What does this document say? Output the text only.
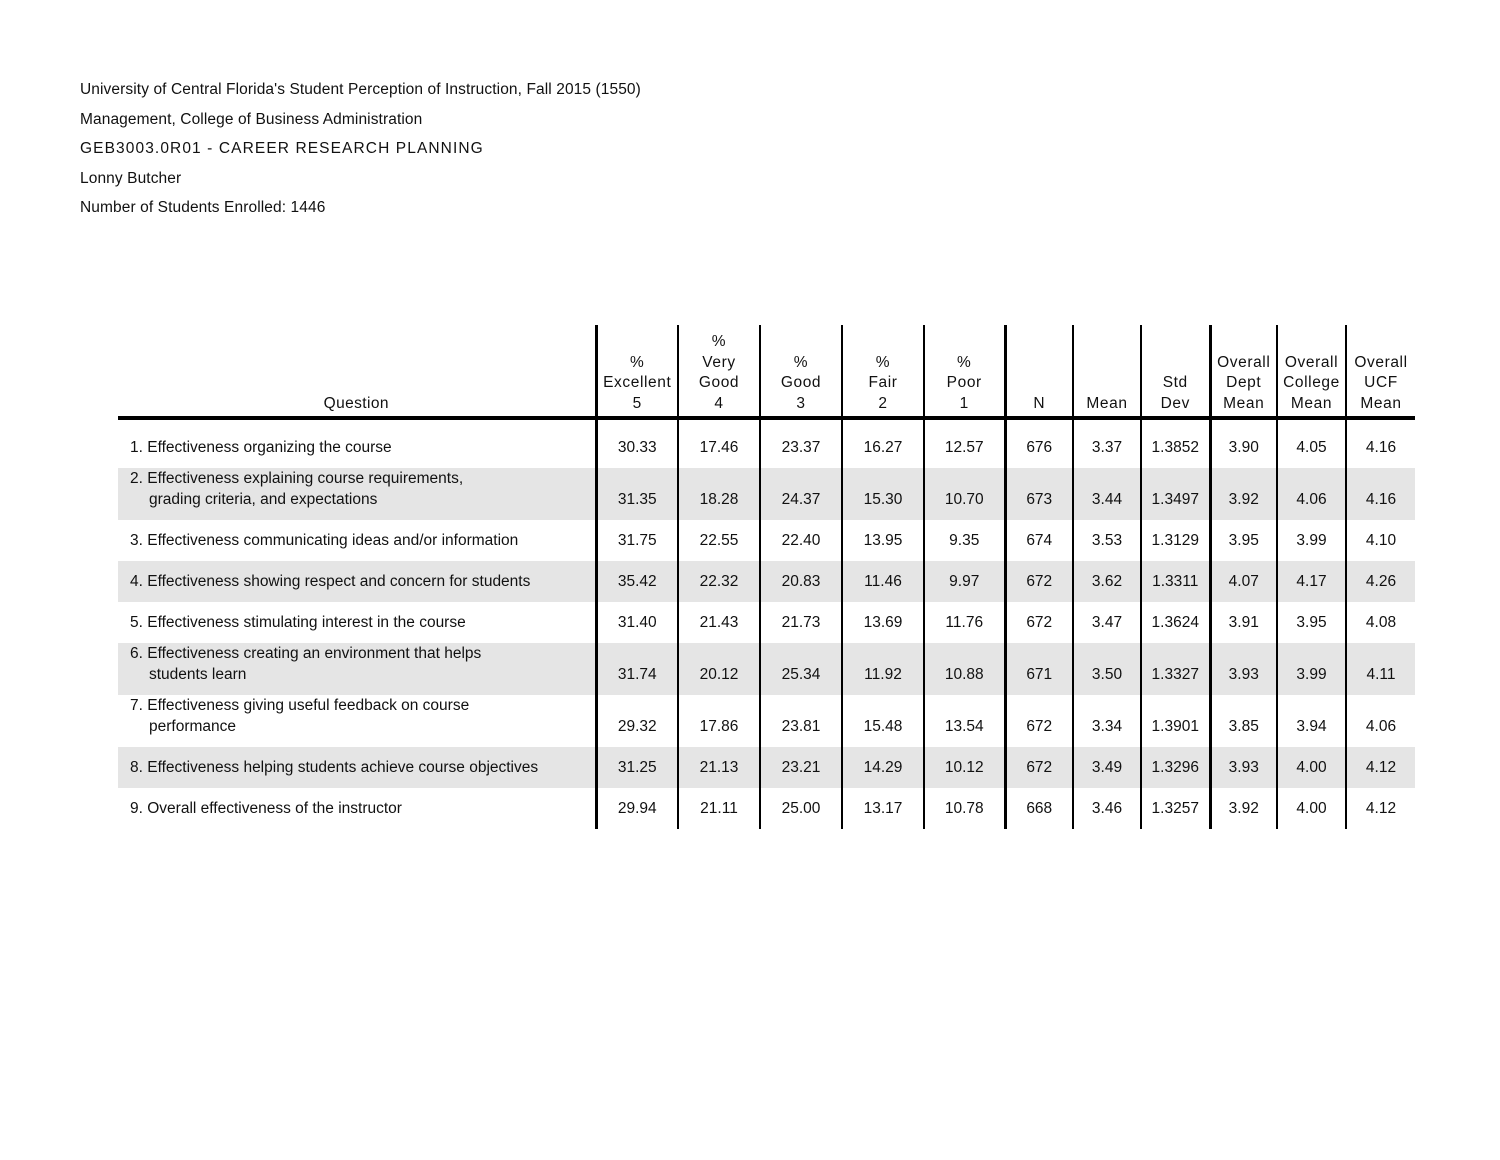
University of Central Florida's Student Perception of Instruction, Fall 2015 (1550)
Management, College of Business Administration
GEB3003.0R01 - CAREER RESEARCH PLANNING
Lonny Butcher
Number of Students Enrolled: 1446
Question	%
Excellent
5	%
Very
Good
4	%
Good
3	%
Fair
2	%
Poor
1	N	Mean	Std
Dev	Overall
Dept
Mean	Overall
College
Mean	Overall
UCF
Mean

1. Effectiveness organizing the course	30.33	17.46	23.37	16.27	12.57	676	3.37	1.3852	3.90	4.05	4.16

2. Effectiveness explaining course requirements,
grading criteria, and expectations	31.35	18.28	24.37	15.30	10.70	673	3.44	1.3497	3.92	4.06	4.16

3. Effectiveness communicating ideas and/or information	31.75	22.55	22.40	13.95	9.35	674	3.53	1.3129	3.95	3.99	4.10

4. Effectiveness showing respect and concern for students	35.42	22.32	20.83	11.46	9.97	672	3.62	1.3311	4.07	4.17	4.26

5. Effectiveness stimulating interest in the course	31.40	21.43	21.73	13.69	11.76	672	3.47	1.3624	3.91	3.95	4.08

6. Effectiveness creating an environment that helps
students learn	31.74	20.12	25.34	11.92	10.88	671	3.50	1.3327	3.93	3.99	4.11

7. Effectiveness giving useful feedback on course
performance	29.32	17.86	23.81	15.48	13.54	672	3.34	1.3901	3.85	3.94	4.06

8. Effectiveness helping students achieve course objectives	31.25	21.13	23.21	14.29	10.12	672	3.49	1.3296	3.93	4.00	4.12

9. Overall effectiveness of the instructor	29.94	21.11	25.00	13.17	10.78	668	3.46	1.3257	3.92	4.00	4.12
